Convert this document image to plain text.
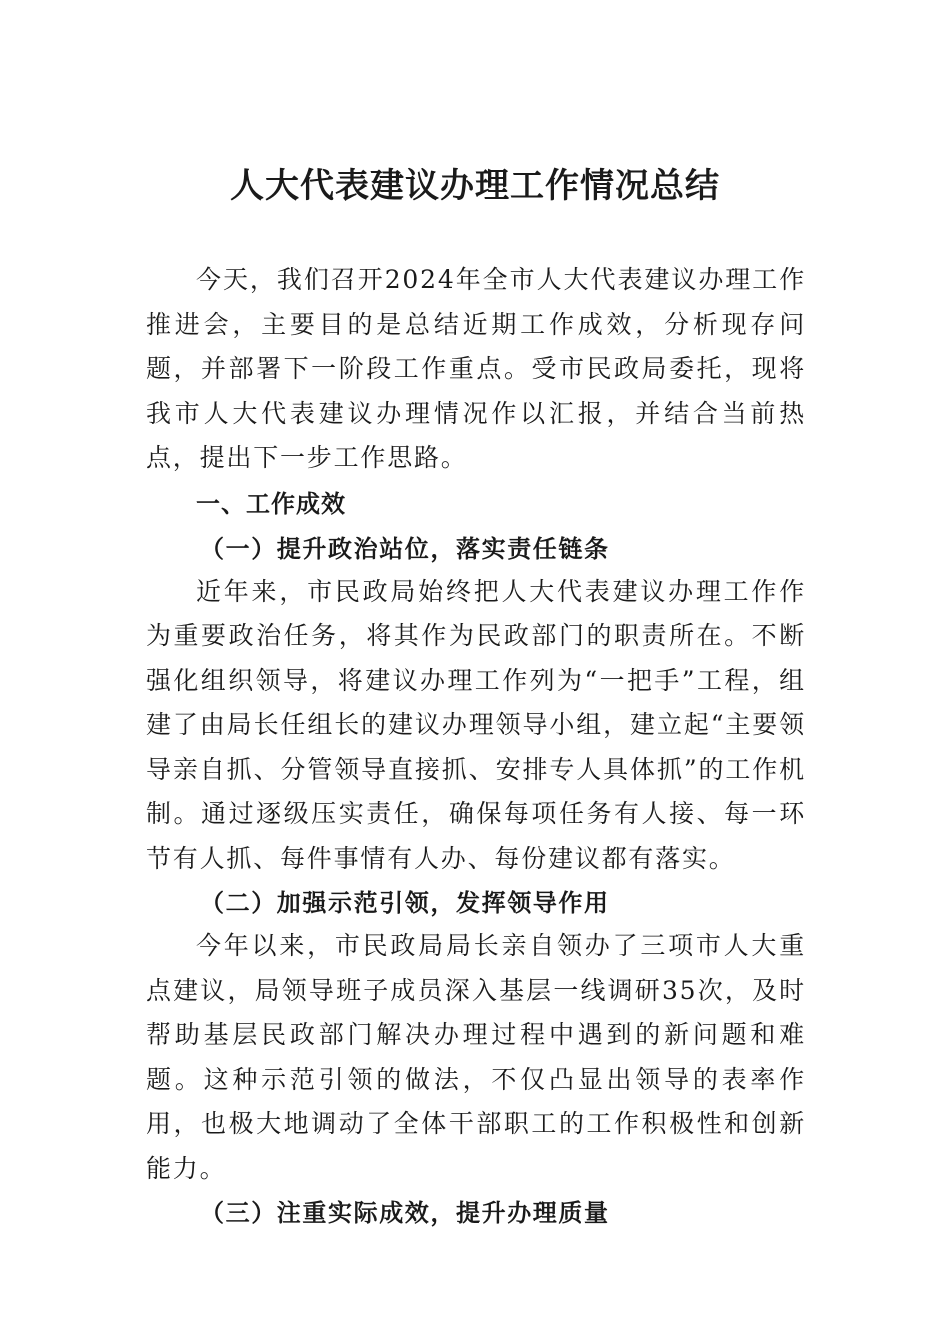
人大代表建议办理工作情况总结

今天，我们召开2024年全市人大代表建议办理工作推进会，主要目的是总结近期工作成效，分析现存问题，并部署下一阶段工作重点。受市民政局委托，现将我市人大代表建议办理情况作以汇报，并结合当前热点，提出下一步工作思路。

一、工作成效

（一）提升政治站位，落实责任链条

近年来，市民政局始终把人大代表建议办理工作作为重要政治任务，将其作为民政部门的职责所在。不断强化组织领导，将建议办理工作列为“一把手”工程，组建了由局长任组长的建议办理领导小组，建立起“主要领导亲自抓、分管领导直接抓、安排专人具体抓”的工作机制。通过逐级压实责任，确保每项任务有人接、每一环节有人抓、每件事情有人办、每份建议都有落实。

（二）加强示范引领，发挥领导作用

今年以来，市民政局局长亲自领办了三项市人大重点建议，局领导班子成员深入基层一线调研35次，及时帮助基层民政部门解决办理过程中遇到的新问题和难题。这种示范引领的做法，不仅凸显出领导的表率作用，也极大地调动了全体干部职工的工作积极性和创新能力。

（三）注重实际成效，提升办理质量
